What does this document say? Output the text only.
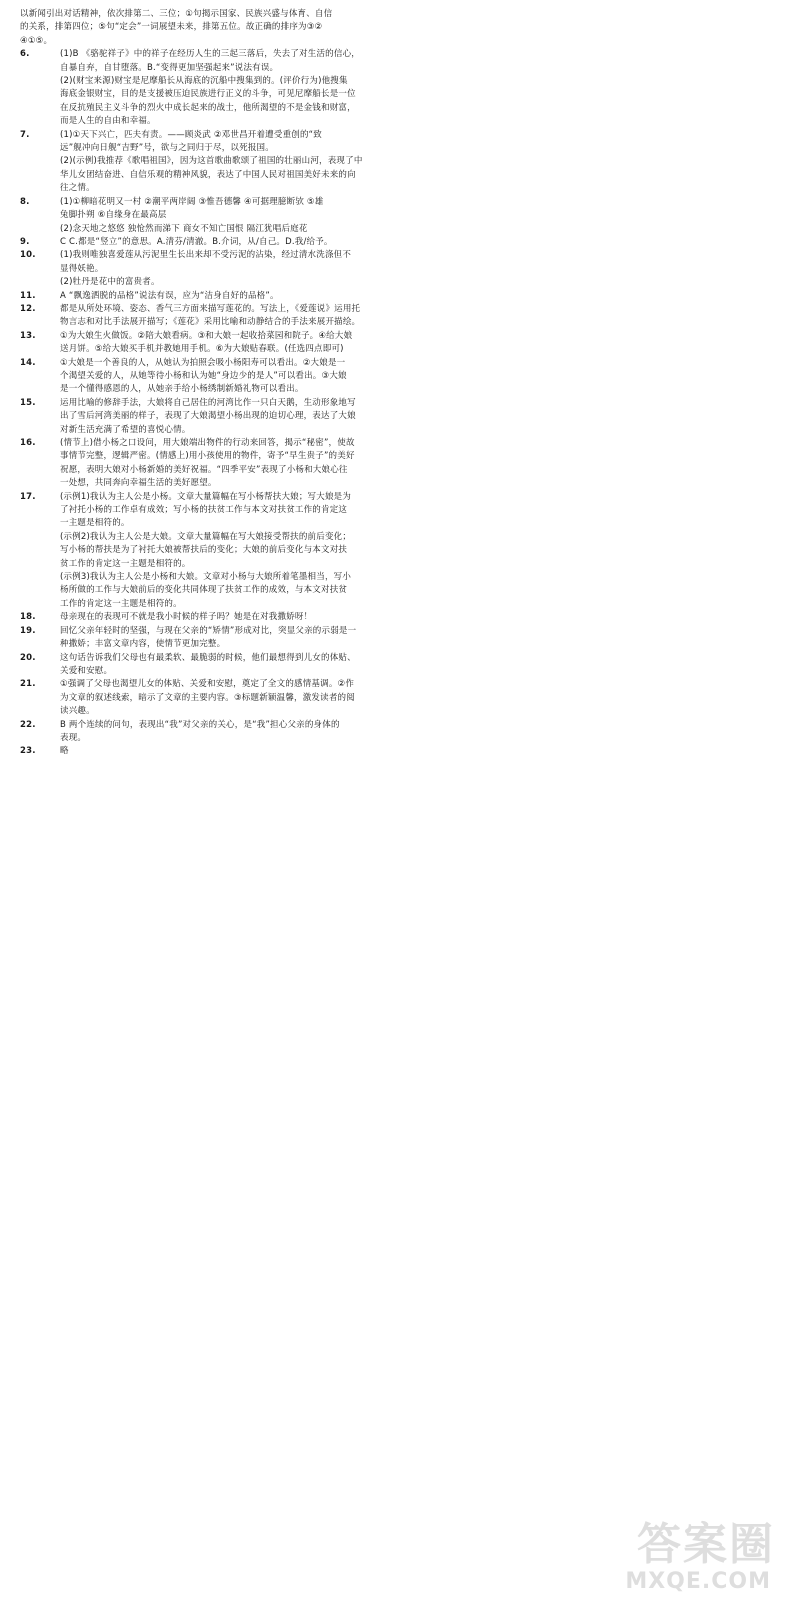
以新闻引出对话精神，依次排第二、三位；①句揭示国家、民族兴盛与体育、自信
的关系，排第四位；⑤句“定会”一词展望未来，排第五位。故正确的排序为③②
④①⑤。
6.	(1)B 《骆驼祥子》中的祥子在经历人生的三起三落后，失去了对生活的信心，
自暴自弃，自甘堕落。B.“变得更加坚强起来”说法有误。
(2)(财宝来源)财宝是尼摩船长从海底的沉船中搜集到的。(评价行为)他搜集
海底金银财宝，目的是支援被压迫民族进行正义的斗争，可见尼摩船长是一位
在反抗殖民主义斗争的烈火中成长起来的战士，他所渴望的不是金钱和财富，
而是人生的自由和幸福。
7.	(1)①天下兴亡，匹夫有责。——顾炎武 ②邓世昌开着遭受重创的“致
远”舰冲向日舰“吉野”号，欲与之同归于尽，以死报国。
(2)(示例)我推荐《歌唱祖国》，因为这首歌曲歌颂了祖国的壮丽山河，表现了中
华儿女团结奋进、自信乐观的精神风貌，表达了中国人民对祖国美好未来的向
往之情。
8.	(1)①柳暗花明又一村 ②潮平两岸阔 ③惟吾德馨 ④可据理臆断欤 ⑤雄
兔脚扑朔 ⑥自缘身在最高层
(2)念天地之悠悠 独怆然而涕下 商女不知亡国恨 隔江犹唱后庭花
9.	C C.都是“竖立”的意思。A.清芬/清澈。B.介词，从/自己。D.我/给予。
10.	(1)我则唯独喜爱莲从污泥里生长出来却不受污泥的沾染，经过清水洗涤但不
显得妖艳。
(2)牡丹是花中的富贵者。
11.	A “飘逸洒脱的品格”说法有误，应为“洁身自好的品格”。
12.	都是从所处环境、姿态、香气三方面来描写莲花的。写法上，《爱莲说》运用托
物言志和对比手法展开描写；《莲花》采用比喻和动静结合的手法来展开描绘。
13.	①为大娘生火做饭。②陪大娘看病。③和大娘一起收拾菜园和院子。④给大娘
送月饼。⑤给大娘买手机并教她用手机。⑥为大娘贴春联。(任选四点即可)
14.	①大娘是一个善良的人，从她认为拍照会吸小杨阳寿可以看出。②大娘是一
个渴望关爱的人，从她等待小杨和认为她“身边少的是人”可以看出。③大娘
是一个懂得感恩的人，从她亲手给小杨绣制新婚礼物可以看出。
15.	运用比喻的修辞手法，大娘将自己居住的河湾比作一只白天鹅，生动形象地写
出了雪后河湾美丽的样子，表现了大娘渴望小杨出现的迫切心理，表达了大娘
对新生活充满了希望的喜悦心情。
16.	(情节上)借小杨之口设问，用大娘端出物件的行动来回答，揭示“秘密”，使故
事情节完整，逻辑严密。(情感上)用小孩使用的物件，寄予“早生贵子”的美好
祝愿，表明大娘对小杨新婚的美好祝福。“四季平安”表现了小杨和大娘心往
一处想，共同奔向幸福生活的美好愿望。
17.	(示例1)我认为主人公是小杨。文章大量篇幅在写小杨帮扶大娘；写大娘是为
了衬托小杨的工作卓有成效；写小杨的扶贫工作与本文对扶贫工作的肯定这
一主题是相符的。
(示例2)我认为主人公是大娘。文章大量篇幅在写大娘接受帮扶的前后变化；
写小杨的帮扶是为了衬托大娘被帮扶后的变化；大娘的前后变化与本文对扶
贫工作的肯定这一主题是相符的。
(示例3)我认为主人公是小杨和大娘。文章对小杨与大娘所着笔墨相当，写小
杨所做的工作与大娘前后的变化共同体现了扶贫工作的成效，与本文对扶贫
工作的肯定这一主题是相符的。
18.	母亲现在的表现可不就是我小时候的样子吗？她是在对我撒娇呀！
19.	回忆父亲年轻时的坚强，与现在父亲的“矫情”形成对比，突显父亲的示弱是一
种撒娇；丰富文章内容，使情节更加完整。
20.	这句话告诉我们父母也有最柔软、最脆弱的时候，他们最想得到儿女的体贴、
关爱和安慰。
21.	①强调了父母也渴望儿女的体贴、关爱和安慰，奠定了全文的感情基调。②作
为文章的叙述线索，暗示了文章的主要内容。③标题新颖温馨，激发读者的阅
读兴趣。
22.	B 两个连续的问句，表现出“我”对父亲的关心，是“我”担心父亲的身体的
表现。
23.	略
答案圈
MXQE.COM
